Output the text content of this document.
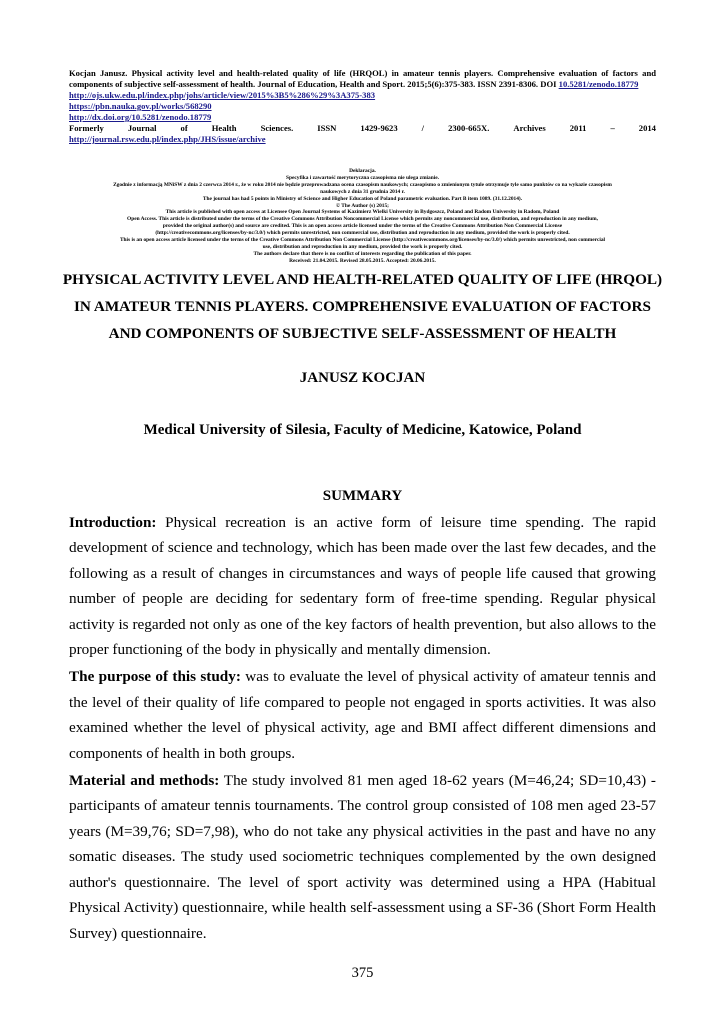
Kocjan Janusz. Physical activity level and health-related quality of life (HRQOL) in amateur tennis players. Comprehensive evaluation of factors and components of subjective self-assessment of health. Journal of Education, Health and Sport. 2015;5(6):375-383. ISSN 2391-8306. DOI 10.5281/zenodo.18779
http://ojs.ukw.edu.pl/index.php/johs/article/view/2015%3B5%286%29%3A375-383
https://pbn.nauka.gov.pl/works/568290
http://dx.doi.org/10.5281/zenodo.18779
Formerly	Journal	of	Health	Sciences.	ISSN	1429-9623	/	2300-665X.	Archives	2011	–	2014
http://journal.rsw.edu.pl/index.php/JHS/issue/archive
Deklaracja.
Specyfika i zawartość merytoryczna czasopisma nie ulega zmianie.
Zgodnie z informacją MNiSW z dnia 2 czerwca 2014 r., że w roku 2014 nie będzie przeprowadzana ocena czasopism naukowych; czasopismo o zmienionym tytule otrzymuje tyle samo punktów co na wykazie czasopism
naukowych z dnia 31 grudnia 2014 r.
The journal has had 5 points in Ministry of Science and Higher Education of Poland parametric evaluation. Part B item 1089. (31.12.2014).
© The Author (s) 2015;
This article is published with open access at Licensee Open Journal Systems of Kazimierz Wielki University in Bydgoszcz, Poland and Radom University in Radom, Poland
Open Access. This article is distributed under the terms of the Creative Commons Attribution Noncommercial License which permits any noncommercial use, distribution, and reproduction in any medium,
provided the original author(s) and source are credited. This is an open access article licensed under the terms of the Creative Commons Attribution Non Commercial License
(http://creativecommons.org/licenses/by-nc/3.0/) which permits unrestricted, non commercial use, distribution and reproduction in any medium, provided the work is properly cited.
This is an open access article licensed under the terms of the Creative Commons Attribution Non Commercial License (http://creativecommons.org/licenses/by-nc/3.0/) which permits unrestricted, non commercial
use, distribution and reproduction in any medium, provided the work is properly cited.
The authors declare that there is no conflict of interests regarding the publication of this paper.
Received: 21.04.2015. Revised 28.05.2015. Accepted: 20.06.2015.
PHYSICAL ACTIVITY LEVEL AND HEALTH-RELATED QUALITY OF LIFE (HRQOL)
IN AMATEUR TENNIS PLAYERS. COMPREHENSIVE EVALUATION OF FACTORS
AND COMPONENTS OF SUBJECTIVE SELF-ASSESSMENT OF HEALTH
JANUSZ KOCJAN
Medical University of Silesia, Faculty of Medicine, Katowice, Poland
SUMMARY

Introduction: Physical recreation is an active form of leisure time spending. The rapid development of science and technology, which has been made over the last few decades, and the following as a result of changes in circumstances and ways of people life caused that growing number of people are deciding for sedentary form of free-time spending. Regular physical activity is regarded not only as one of the key factors of health prevention, but also allows to the proper functioning of the body in physically and mentally dimension.

The purpose of this study: was to evaluate the level of physical activity of amateur tennis and the level of their quality of life compared to people not engaged in sports activities. It was also examined whether the level of physical activity, age and BMI affect different dimensions and components of health in both groups.

Material and methods: The study involved 81 men aged 18-62 years (M=46,24; SD=10,43) - participants of amateur tennis tournaments. The control group consisted of 108 men aged 23-57 years (M=39,76; SD=7,98), who do not take any physical activities in the past and have no any somatic diseases. The study used sociometric techniques complemented by the own designed author's questionnaire. The level of sport activity was determined using a HPA (Habitual Physical Activity) questionnaire, while health self-assessment using a SF-36 (Short Form Health Survey) questionnaire.

375
